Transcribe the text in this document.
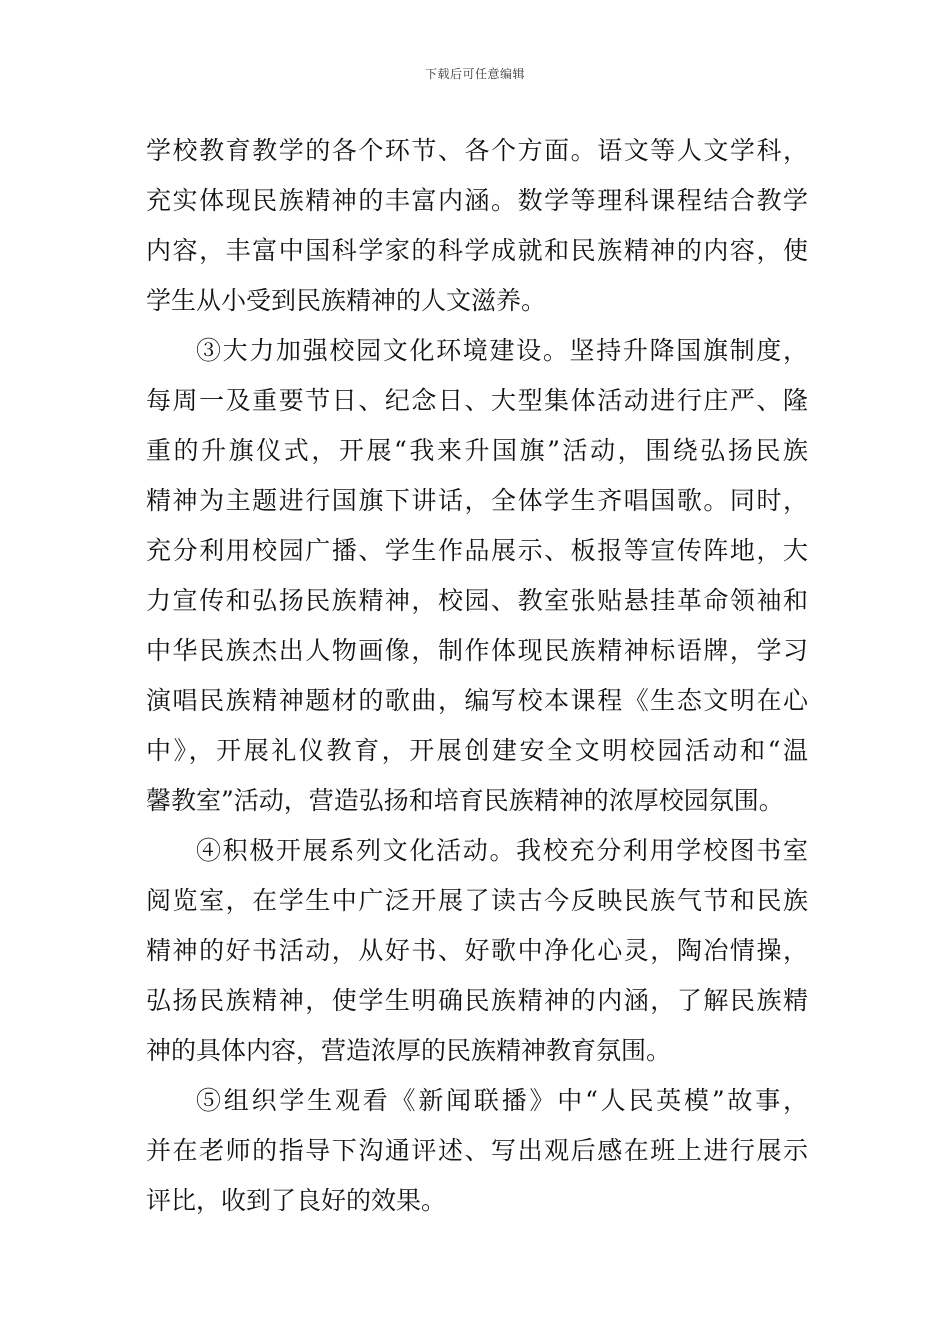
下载后可任意编辑
学校教育教学的各个环节、各个方面。语文等人文学科，
充实体现民族精神的丰富内涵。数学等理科课程结合教学
内容，丰富中国科学家的科学成就和民族精神的内容，使
学生从小受到民族精神的人文滋养。
③大力加强校园文化环境建设。坚持升降国旗制度，
每周一及重要节日、纪念日、大型集体活动进行庄严、隆
重的升旗仪式，开展“我来升国旗”活动，围绕弘扬民族
精神为主题进行国旗下讲话，全体学生齐唱国歌。同时，
充分利用校园广播、学生作品展示、板报等宣传阵地，大
力宣传和弘扬民族精神，校园、教室张贴悬挂革命领袖和
中华民族杰出人物画像，制作体现民族精神标语牌，学习
演唱民族精神题材的歌曲，编写校本课程《生态文明在心
中》，开展礼仪教育，开展创建安全文明校园活动和“温
馨教室”活动，营造弘扬和培育民族精神的浓厚校园氛围。
④积极开展系列文化活动。我校充分利用学校图书室
阅览室，在学生中广泛开展了读古今反映民族气节和民族
精神的好书活动，从好书、好歌中净化心灵，陶冶情操，
弘扬民族精神，使学生明确民族精神的内涵，了解民族精
神的具体内容，营造浓厚的民族精神教育氛围。
⑤组织学生观看《新闻联播》中“人民英模”故事，
并在老师的指导下沟通评述、写出观后感在班上进行展示
评比，收到了良好的效果。
